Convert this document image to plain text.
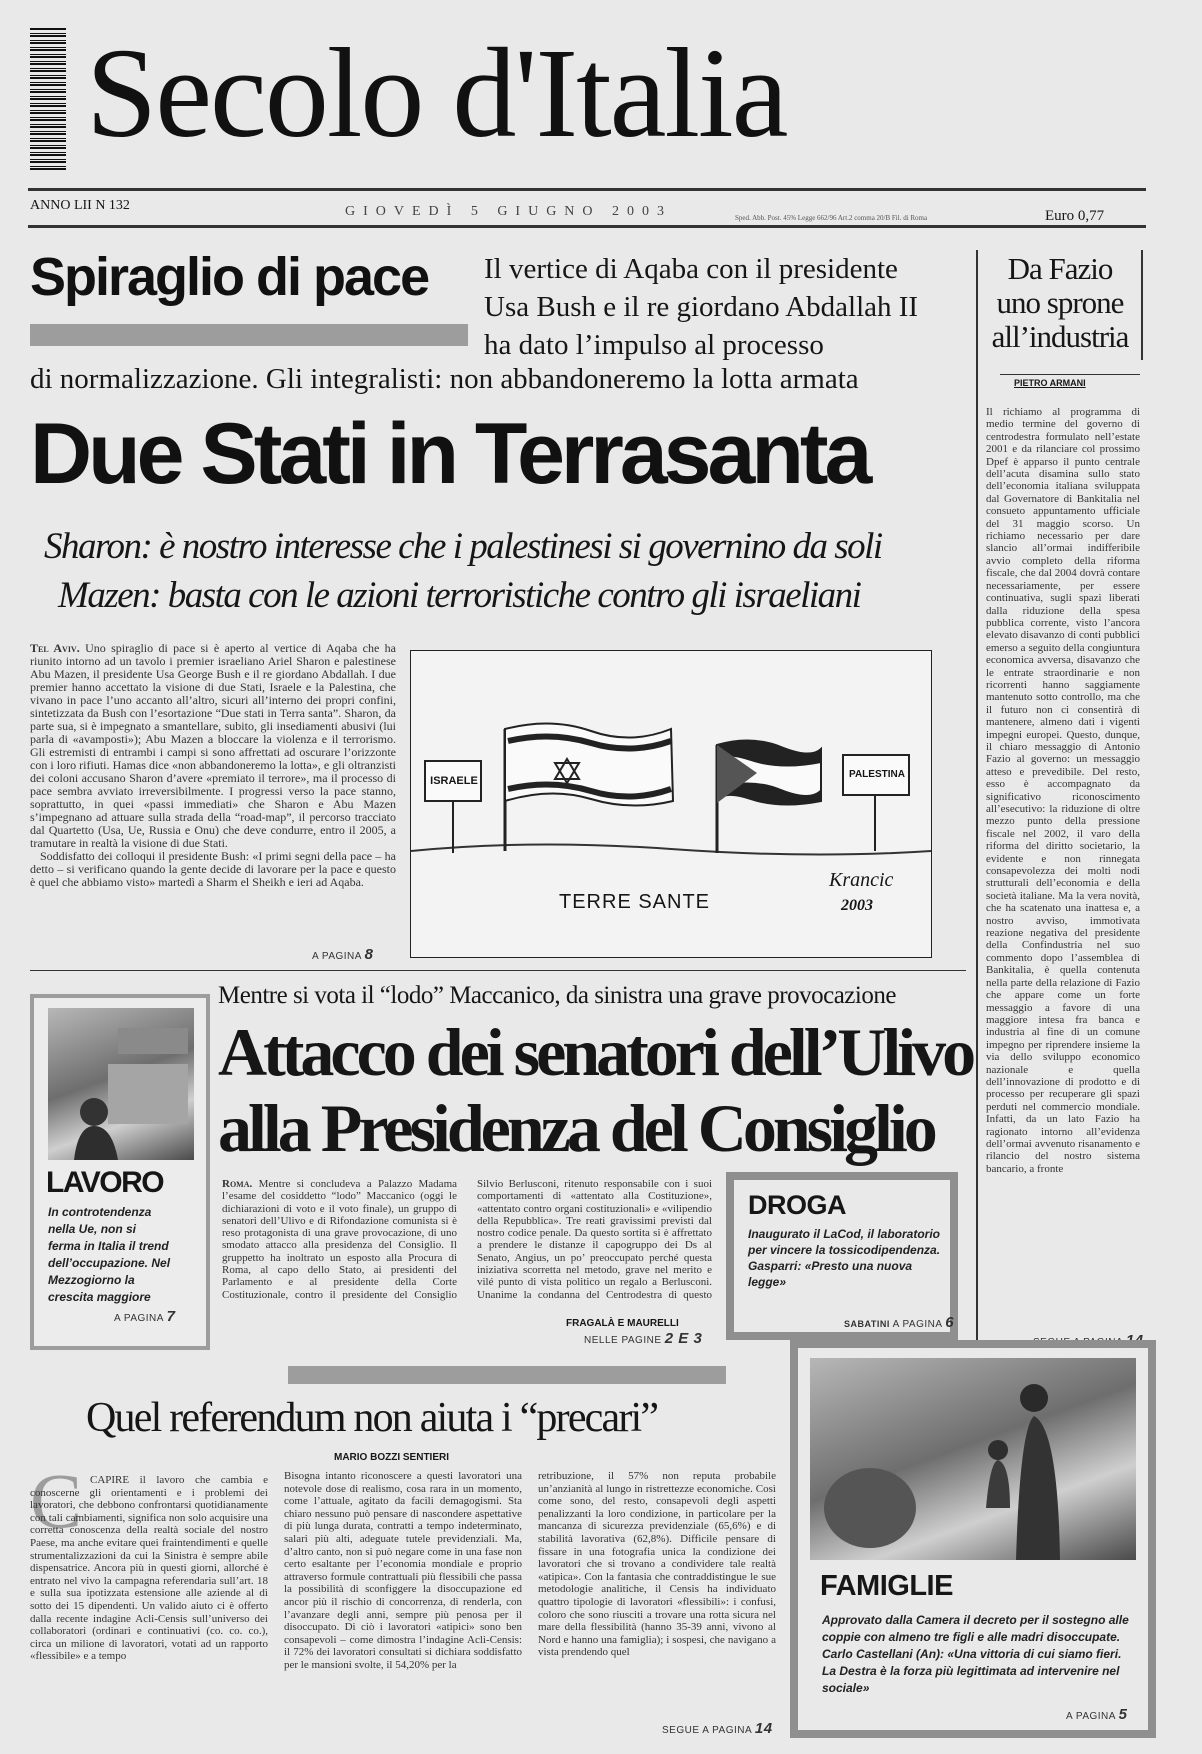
Secolo d'Italia
ANNO LII N 132	GIOVEDÌ 5 GIUGNO 2003	Sped. Abb. Post. 45% Legge 662/96 Art.2 comma 20/B Fil. di Roma	Euro 0,77
Spiraglio di pace Il vertice di Aqaba con il presidente
Usa Bush e il re giordano Abdallah II
ha dato l’impulso al processo
di normalizzazione. Gli integralisti: non abbandoneremo la lotta armata
Due Stati in Terrasanta
Sharon: è nostro interesse che i palestinesi si governino da soli
Mazen: basta con le azioni terroristiche contro gli israeliani
Tel Aviv. Uno spiraglio di pace si è aperto al vertice di Aqaba che ha riunito intorno ad un tavolo i premier israeliano Ariel Sharon e palestinese Abu Mazen, il presidente Usa George Bush e il re giordano Abdallah. I due premier hanno accettato la visione di due Stati, Israele e la Palestina, che vivano in pace l’uno accanto all’altro, sicuri all’interno dei propri confini, sintetizzata da Bush con l’esortazione “Due stati in Terra santa”. Sharon, da parte sua, si è impegnato a smantellare, subito, gli insediamenti abusivi (lui parla di «avamposti»); Abu Mazen a bloccare la violenza e il terrorismo. Gli estremisti di entrambi i campi si sono affrettati ad oscurare l’orizzonte con i loro rifiuti. Hamas dice «non abbandoneremo la lotta», e gli oltranzisti dei coloni accusano Sharon d’avere «premiato il terrore», ma il processo di pace sembra avviato irreversibilmente. I progressi verso la pace stanno, soprattutto, in quei «passi immediati» che Sharon e Abu Mazen s’impegnano ad attuare sulla strada della “road-map”, il percorso tracciato dal Quartetto (Usa, Ue, Russia e Onu) che deve condurre, entro il 2005, a tramutare in realtà la visione di due Stati.
Soddisfatto dei colloqui il presidente Bush: «I primi segni della pace – ha detto – si verificano quando la gente decide di lavorare per la pace e questo è quel che abbiamo visto» martedì a Sharm el Sheikh e ieri ad Aqaba.
A PAGINA 8
ISRAELE
PALESTINA
TERRE SANTE
Krancic
2003
Da Fazio
uno sprone
all’industria
PIETRO ARMANI
Il richiamo al programma di medio termine del governo di centrodestra formulato nell’estate 2001 e da rilanciare col prossimo Dpef è apparso il punto centrale dell’acuta disamina sullo stato dell’economia italiana sviluppata dal Governatore di Bankitalia nel consueto appuntamento ufficiale del 31 maggio scorso. Un richiamo necessario per dare slancio all’ormai indifferibile avvio completo della riforma fiscale, che dal 2004 dovrà contare necessariamente, per essere continuativa, sugli spazi liberati dalla riduzione della spesa pubblica corrente, visto l’ancora elevato disavanzo di conti pubblici emerso a seguito della congiuntura economica avversa, disavanzo che le entrate straordinarie e non ricorrenti hanno saggiamente mantenuto sotto controllo, ma che il futuro non ci consentirà di mantenere, almeno dati i vigenti impegni europei. Questo, dunque, il chiaro messaggio di Antonio Fazio al governo: un messaggio atteso e prevedibile. Del resto, esso è accompagnato da significativo riconoscimento all’esecutivo: la riduzione di oltre mezzo punto della pressione fiscale nel 2002, il varo della riforma del diritto societario, la evidente e non rinnegata consapevolezza dei molti nodi strutturali dell’economia e della società italiane. Ma la vera novità, che ha scatenato una inattesa e, a nostro avviso, immotivata reazione negativa del presidente della Confindustria nel suo commento dopo l’assemblea di Bankitalia, è quella contenuta nella parte della relazione di Fazio che appare come un forte messaggio a favore di una maggiore intesa fra banca e industria al fine di un comune impegno per riprendere insieme la via dello sviluppo economico nazionale e quella dell’innovazione di prodotto e di processo per recuperare gli spazi perduti nel commercio mondiale. Infatti, da un lato Fazio ha ragionato intorno all’evidenza dell’ormai avvenuto risanamento e rilancio del nostro sistema bancario, a fronte
Mentre si vota il “lodo” Maccanico, da sinistra una grave provocazione
Attacco dei senatori dell’Ulivo
alla Presidenza del Consiglio
Roma. Mentre si concludeva a Palazzo Madama l’esame del cosiddetto “lodo” Maccanico (oggi le dichiarazioni di voto e il voto finale), un gruppo di senatori dell’Ulivo e di Rifondazione comunista si è reso protagonista di una grave provocazione, di uno smodato attacco alla presidenza del Consiglio. Il gruppetto ha inoltrato un esposto alla Procura di Roma, al capo dello Stato, ai presidenti del Parlamento e al presidente della Corte Costituzionale, contro il presidente del Consiglio Silvio Berlusconi, ritenuto responsabile con i suoi comportamenti di «attentato alla Costituzione», «attentato contro organi costituzionali» e «vilipendio della Repubblica». Tre reati gravissimi previsti dal nostro codice penale. Da questo sortita si è affrettato a prendere le distanze il capogruppo dei Ds al Senato, Angius, un po’ preoccupato perché questa iniziativa scorretta nel metodo, grave nel merito e vilé punto di vista politico un regalo a Berlusconi. Unanime la condanna del Centrodestra di questo
FRAGALÀ E MAURELLI
NELLE PAGINE 2 E 3
LAVORO
In controtendenza nella Ue, non si ferma in Italia il trend dell’occupazione. Nel Mezzogiorno la crescita maggiore
A PAGINA 7
DROGA
Inaugurato il LaCod, il laboratorio per vincere la tossicodipendenza. Gasparri: «Presto una nuova legge»
SABATINI A PAGINA 6
Quel referendum non aiuta i “precari”
MARIO BOZZI SENTIERI
C CAPIRE il lavoro che cambia e conoscerne gli orientamenti e i problemi dei lavoratori, che debbono confrontarsi quotidianamente con tali cambiamenti, significa non solo acquisire una corretta conoscenza della realtà sociale del nostro Paese, ma anche evitare quei fraintendimenti e quelle strumentalizzazioni da cui la Sinistra è sempre abile dispensatrice. Ancora più in questi giorni, allorché è entrato nel vivo la campagna referendaria sull’art. 18 e sulla sua ipotizzata estensione alle aziende al di sotto dei 15 dipendenti. Un valido aiuto ci è offerto dalla recente indagine Acli-Censis sull’universo dei collaboratori (ordinari e continuativi (co. co. co.), circa un milione di lavoratori, votati ad un rapporto «flessibile» e a tempo
Bisogna intanto riconoscere a questi lavoratori una notevole dose di realismo, cosa rara in un momento, come l’attuale, agitato da facili demagogismi. Sta chiaro nessuno può pensare di nascondere aspettative di più lunga durata, contratti a tempo indeterminato, salari più alti, adeguate tutele previdenziali. Ma, d’altro canto, non si può negare come in una fase non certo esaltante per l’economia mondiale e proprio attraverso formule contrattuali più flessibili che passa la possibilità di sconfiggere la disoccupazione ed ancor più il rischio di concorrenza, di renderla, con l’avanzare degli anni, sempre più penosa per il disoccupato. Di ciò i lavoratori «atipici» sono ben consapevoli – come dimostra l’indagine Acli-Censis: il 72% dei lavoratori consultati si dichiara soddisfatto per le mansioni svolte, il 54,20% per la
retribuzione, il 57% non reputa probabile un’anzianità al lungo in ristrettezze economiche. Così come sono, del resto, consapevoli degli aspetti penalizzanti la loro condizione, in particolare per la mancanza di sicurezza previdenziale (65,6%) e di stabilità lavorativa (62,8%). Difficile pensare di fissare in una fotografia unica la condizione dei lavoratori che si trovano a condividere tale realtà «atipica». Con la fantasia che contraddistingue le sue metodologie analitiche, il Censis ha individuato quattro tipologie di lavoratori «flessibili»: i confusi, coloro che sono riusciti a trovare una rotta sicura nel mare della flessibilità (hanno 35-39 anni, vivono al Nord e hanno una famiglia); i sospesi, che navigano a vista prendendo quel
SEGUE A PAGINA 14
FAMIGLIE
Approvato dalla Camera il decreto per il sostegno alle coppie con almeno tre figli e alle madri disoccupate. Carlo Castellani (An): «Una vittoria di cui siamo fieri. La Destra è la forza più legittimata ad intervenire nel sociale»
A PAGINA 5
